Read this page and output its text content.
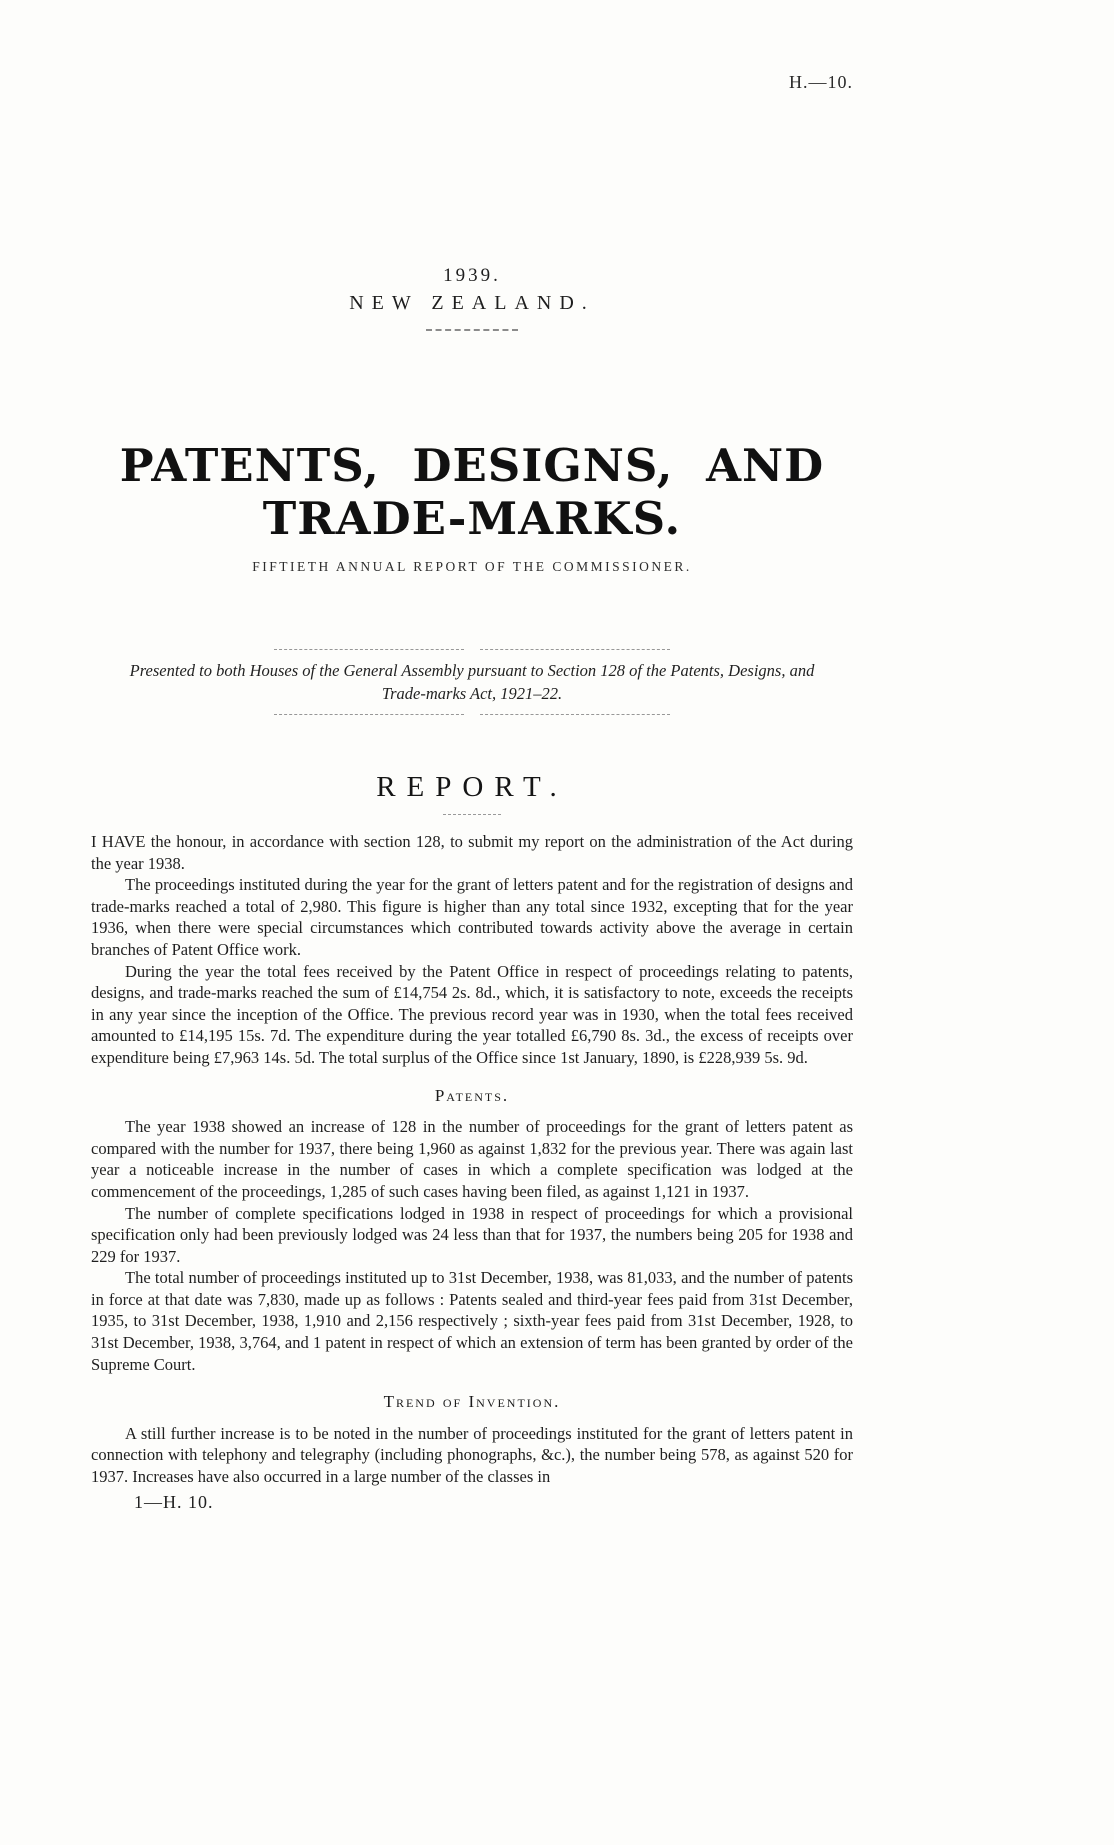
H.—10.
1939.
NEW ZEALAND.
PATENTS, DESIGNS, AND TRADE-MARKS.
FIFTIETH ANNUAL REPORT OF THE COMMISSIONER.
Presented to both Houses of the General Assembly pursuant to Section 128 of the Patents, Designs, and
Trade-marks Act, 1921–22.
REPORT.

I HAVE the honour, in accordance with section 128, to submit my report on the administration of the Act during the year 1938.

The proceedings instituted during the year for the grant of letters patent and for the registration of designs and trade-marks reached a total of 2,980. This figure is higher than any total since 1932, excepting that for the year 1936, when there were special circumstances which contributed towards activity above the average in certain branches of Patent Office work.

During the year the total fees received by the Patent Office in respect of proceedings relating to patents, designs, and trade-marks reached the sum of £14,754 2s. 8d., which, it is satisfactory to note, exceeds the receipts in any year since the inception of the Office. The previous record year was in 1930, when the total fees received amounted to £14,195 15s. 7d. The expenditure during the year totalled £6,790 8s. 3d., the excess of receipts over expenditure being £7,963 14s. 5d. The total surplus of the Office since 1st January, 1890, is £228,939 5s. 9d.

Patents.

The year 1938 showed an increase of 128 in the number of proceedings for the grant of letters patent as compared with the number for 1937, there being 1,960 as against 1,832 for the previous year. There was again last year a noticeable increase in the number of cases in which a complete specification was lodged at the commencement of the proceedings, 1,285 of such cases having been filed, as against 1,121 in 1937.

The number of complete specifications lodged in 1938 in respect of proceedings for which a provisional specification only had been previously lodged was 24 less than that for 1937, the numbers being 205 for 1938 and 229 for 1937.

The total number of proceedings instituted up to 31st December, 1938, was 81,033, and the number of patents in force at that date was 7,830, made up as follows : Patents sealed and third-year fees paid from 31st December, 1935, to 31st December, 1938, 1,910 and 2,156 respectively ; sixth-year fees paid from 31st December, 1928, to 31st December, 1938, 3,764, and 1 patent in respect of which an extension of term has been granted by order of the Supreme Court.

Trend of Invention.

A still further increase is to be noted in the number of proceedings instituted for the grant of letters patent in connection with telephony and telegraphy (including phonographs, &c.), the number being 578, as against 520 for 1937. Increases have also occurred in a large number of the classes in

1—H. 10.
